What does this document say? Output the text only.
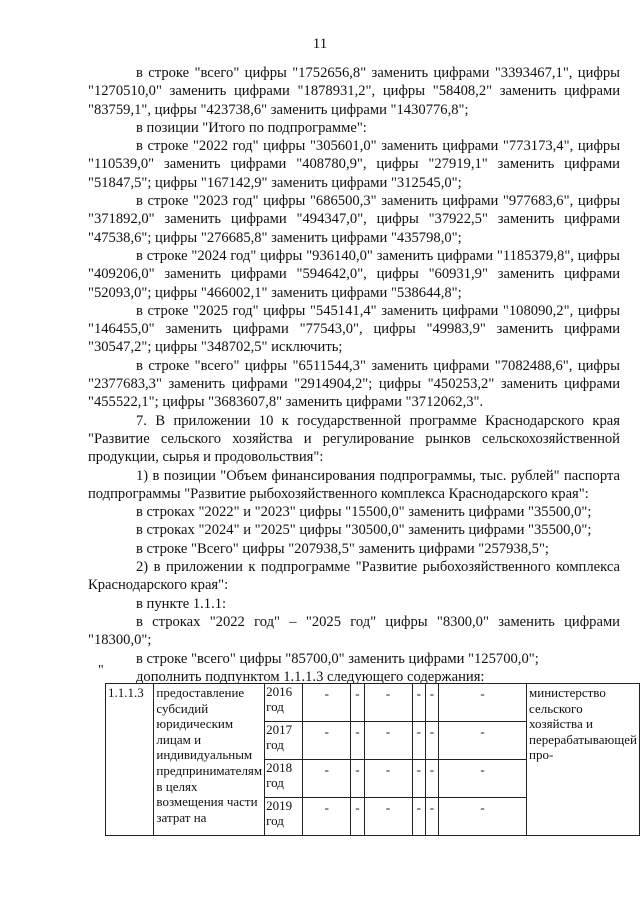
11

в строке "всего" цифры "1752656,8" заменить цифрами "3393467,1", цифры "1270510,0" заменить цифрами "1878931,2", цифры "58408,2" заменить цифрами "83759,1", цифры "423738,6" заменить цифрами "1430776,8";

в позиции "Итого по подпрограмме":

в строке "2022 год" цифры "305601,0" заменить цифрами "773173,4", цифры "110539,0" заменить цифрами "408780,9", цифры "27919,1" заменить цифрами "51847,5"; цифры "167142,9" заменить цифрами "312545,0";

в строке "2023 год" цифры "686500,3" заменить цифрами "977683,6", цифры "371892,0" заменить цифрами "494347,0", цифры "37922,5" заменить цифрами "47538,6"; цифры "276685,8" заменить цифрами "435798,0";

в строке "2024 год" цифры "936140,0" заменить цифрами "1185379,8", цифры "409206,0" заменить цифрами "594642,0", цифры "60931,9" заменить цифрами "52093,0"; цифры "466002,1" заменить цифрами "538644,8";

в строке "2025 год" цифры "545141,4" заменить цифрами "108090,2", цифры "146455,0" заменить цифрами "77543,0", цифры "49983,9" заменить цифрами "30547,2"; цифры "348702,5" исключить;

в строке "всего" цифры "6511544,3" заменить цифрами "7082488,6", цифры "2377683,3" заменить цифрами "2914904,2"; цифры "450253,2" заменить цифрами "455522,1"; цифры "3683607,8" заменить цифрами "3712062,3".

7. В приложении 10 к государственной программе Краснодарского края "Развитие сельского хозяйства и регулирование рынков сельскохозяйственной продукции, сырья и продовольствия":

1) в позиции "Объем финансирования подпрограммы, тыс. рублей" паспорта подпрограммы "Развитие рыбохозяйственного комплекса Краснодарского края":

в строках "2022" и "2023" цифры "15500,0" заменить цифрами "35500,0";

в строках "2024" и "2025" цифры "30500,0" заменить цифрами "35500,0";

в строке "Всего" цифры "207938,5" заменить цифрами "257938,5";

2) в приложении к подпрограмме "Развитие рыбохозяйственного комплекса Краснодарского края":

в пункте 1.1.1:

в строках "2022 год" – "2025 год" цифры "8300,0" заменить цифрами "18300,0";

в строке "всего" цифры "85700,0" заменить цифрами "125700,0";

дополнить подпунктом 1.1.1.3 следующего содержания:

"
1.1.1.3	предоставление субсидий юридическим лицам и индивидуальным предпринимателям в целях возмещения части затрат на	2016 год	-	-	-	-	-	-	министерство сельского хозяйства и перерабатывающей про-
		2017 год	-	-	-	-	-	-	
		2018 год	-	-	-	-	-	-	
		2019 год	-	-	-	-	-	-	
